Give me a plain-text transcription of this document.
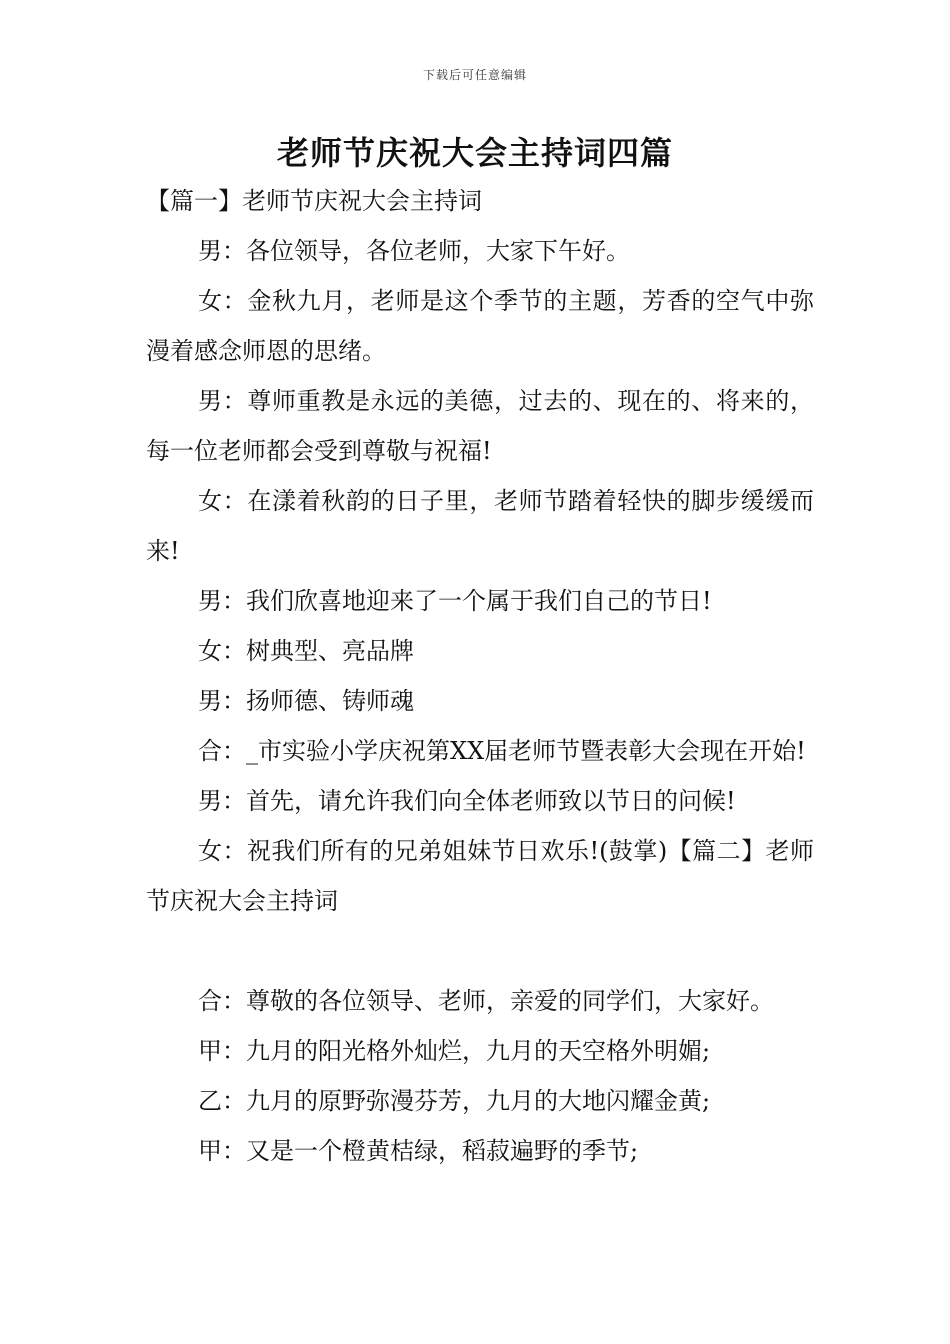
下载后可任意编辑
老师节庆祝大会主持词四篇

【篇一】老师节庆祝大会主持词

男：各位领导，各位老师，大家下午好。

女：金秋九月，老师是这个季节的主题，芳香的空气中弥漫着感念师恩的思绪。

男：尊师重教是永远的美德，过去的、现在的、将来的，每一位老师都会受到尊敬与祝福!

女：在漾着秋韵的日子里，老师节踏着轻快的脚步缓缓而来!

男：我们欣喜地迎来了一个属于我们自己的节日!

女：树典型、亮品牌

男：扬师德、铸师魂

合：_市实验小学庆祝第XX届老师节暨表彰大会现在开始!

男：首先，请允许我们向全体老师致以节日的问候!

女：祝我们所有的兄弟姐妹节日欢乐!(鼓掌)【篇二】老师节庆祝大会主持词

合：尊敬的各位领导、老师，亲爱的同学们，大家好。

甲：九月的阳光格外灿烂，九月的天空格外明媚;

乙：九月的原野弥漫芬芳，九月的大地闪耀金黄;

甲：又是一个橙黄桔绿，稻菽遍野的季节;
